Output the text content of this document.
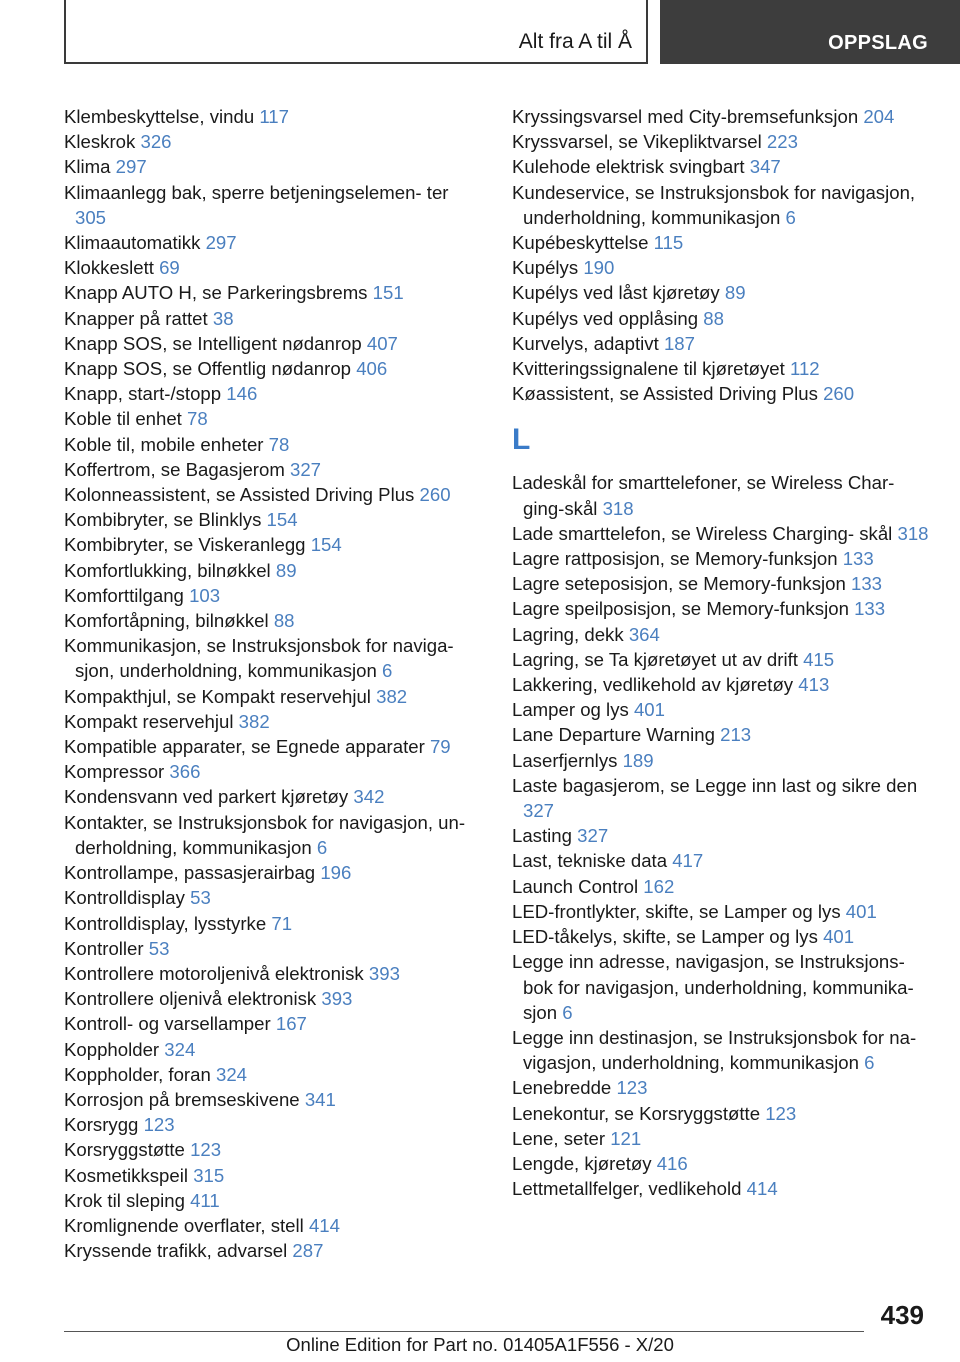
Alt fra A til Å	OPPSLAG

Klembeskyttelse, vindu 117

Kleskrok 326

Klima 297

Klimaanlegg bak, sperre betjeningselemen- ter 305

Klimaautomatikk 297

Klokkeslett 69

Knapp AUTO H, se Parkeringsbrems 151

Knapper på rattet 38

Knapp SOS, se Intelligent nødanrop 407

Knapp SOS, se Offentlig nødanrop 406

Knapp, start-/stopp 146

Koble til enhet 78

Koble til, mobile enheter 78

Koffertrom, se Bagasjerom 327

Kolonneassistent, se Assisted Driving Plus 260

Kombibryter, se Blinklys 154

Kombibryter, se Viskeranlegg 154

Komfortlukking, bilnøkkel 89

Komforttilgang 103

Komfortåpning, bilnøkkel 88

Kommunikasjon, se Instruksjonsbok for naviga- sjon, underholdning, kommunikasjon 6

Kompakthjul, se Kompakt reservehjul 382

Kompakt reservehjul 382

Kompatible apparater, se Egnede apparater 79

Kompressor 366

Kondensvann ved parkert kjøretøy 342

Kontakter, se Instruksjonsbok for navigasjon, un- derholdning, kommunikasjon 6

Kontrollampe, passasjerairbag 196

Kontrolldisplay 53

Kontrolldisplay, lysstyrke 71

Kontroller 53

Kontrollere motoroljenivå elektronisk 393

Kontrollere oljenivå elektronisk 393

Kontroll- og varsellamper 167

Koppholder 324

Koppholder, foran 324

Korrosjon på bremseskivene 341

Korsrygg 123

Korsryggstøtte 123

Kosmetikkspeil 315

Krok til sleping 411

Kromlignende overflater, stell 414

Kryssende trafikk, advarsel 287

Kryssingsvarsel med City-bremsefunksjon 204

Kryssvarsel, se Vikepliktvarsel 223

Kulehode elektrisk svingbart 347

Kundeservice, se Instruksjonsbok for navigasjon, underholdning, kommunikasjon 6

Kupébeskyttelse 115

Kupélys 190

Kupélys ved låst kjøretøy 89

Kupélys ved opplåsing 88

Kurvelys, adaptivt 187

Kvitteringssignalene til kjøretøyet 112

Køassistent, se Assisted Driving Plus 260

L

Ladeskål for smarttelefoner, se Wireless Char- ging-skål 318

Lade smarttelefon, se Wireless Charging- skål 318

Lagre rattposisjon, se Memory-funksjon 133

Lagre seteposisjon, se Memory-funksjon 133

Lagre speilposisjon, se Memory-funksjon 133

Lagring, dekk 364

Lagring, se Ta kjøretøyet ut av drift 415

Lakkering, vedlikehold av kjøretøy 413

Lamper og lys 401

Lane Departure Warning 213

Laserfjernlys 189

Laste bagasjerom, se Legge inn last og sikre den 327

Lasting 327

Last, tekniske data 417

Launch Control 162

LED-frontlykter, skifte, se Lamper og lys 401

LED-tåkelys, skifte, se Lamper og lys 401

Legge inn adresse, navigasjon, se Instruksjons- bok for navigasjon, underholdning, kommunika- sjon 6

Legge inn destinasjon, se Instruksjonsbok for na- vigasjon, underholdning, kommunikasjon 6

Lenebredde 123

Lenekontur, se Korsryggstøtte 123

Lene, seter 121

Lengde, kjøretøy 416

Lettmetallfelger, vedlikehold 414

439
Online Edition for Part no. 01405A1F556 - X/20
